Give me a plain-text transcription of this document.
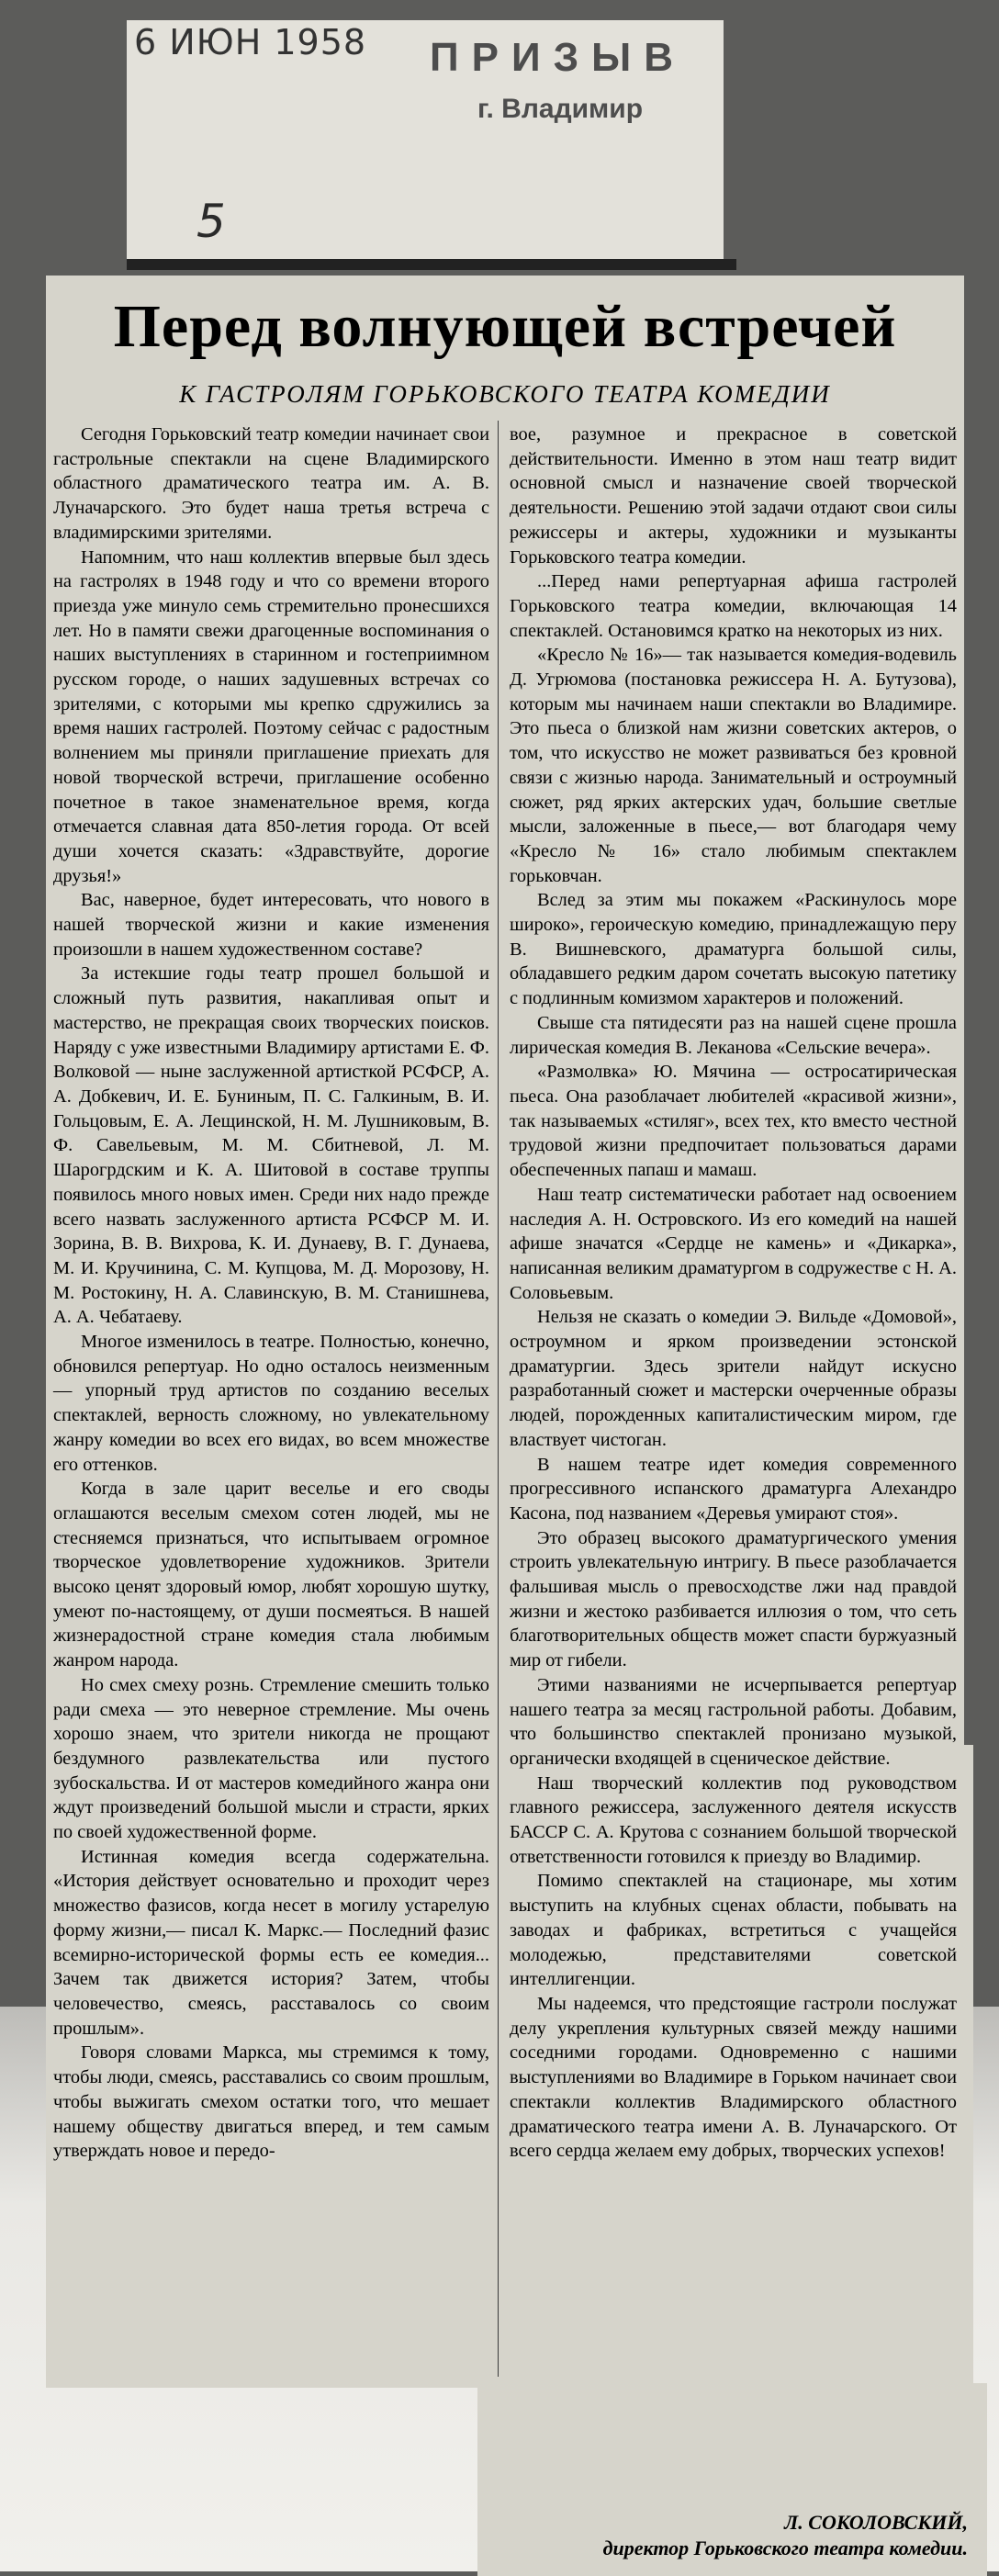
6 ИЮН 1958 ПРИЗЫВ
г. Владимир
5
Перед волнующей встречей
К ГАСТРОЛЯМ ГОРЬКОВСКОГО ТЕАТРА КОМЕДИИ

Сегодня Горьковский театр комедии начинает свои гастрольные спектакли на сцене Владимирского областного драматического театра им. А. В. Луначарского. Это будет наша третья встреча с владимирскими зрителями.

Напомним, что наш коллектив впервые был здесь на гастролях в 1948 году и что со времени второго приезда уже минуло семь стремительно пронесшихся лет. Но в памяти свежи драгоценные воспоминания о наших выступлениях в старинном и гостеприимном русском городе, о наших задушевных встречах со зрителями, с которыми мы крепко сдружились за время наших гастролей. Поэтому сейчас с радостным волнением мы приняли приглашение приехать для новой творческой встречи, приглашение особенно почетное в такое знаменательное время, когда отмечается славная дата 850-летия города. От всей души хочется сказать: «Здравствуйте, дорогие друзья!»

Вас, наверное, будет интересовать, что нового в нашей творческой жизни и какие изменения произошли в нашем художественном составе?

За истекшие годы театр прошел большой и сложный путь развития, накапливая опыт и мастерство, не прекращая своих творческих поисков. Наряду с уже известными Владимиру артистами Е. Ф. Волковой — ныне заслуженной артисткой РСФСР, А. А. Добкевич, И. Е. Буниным, П. С. Галкиным, В. И. Гольцовым, Е. А. Лещинской, Н. М. Лушниковым, В. Ф. Савельевым, М. М. Сбитневой, Л. М. Шарогрдским и К. А. Шитовой в составе труппы появилось много новых имен. Среди них надо прежде всего назвать заслуженного артиста РСФСР М. И. Зорина, В. В. Вихрова, К. И. Дунаеву, В. Г. Дунаева, М. И. Кручинина, С. М. Купцова, М. Д. Морозову, Н. М. Ростокину, Н. А. Славинскую, В. М. Станишнева, А. А. Чебатаеву.

Многое изменилось в театре. Полностью, конечно, обновился репертуар. Но одно осталось неизменным — упорный труд артистов по созданию веселых спектаклей, верность сложному, но увлекательному жанру комедии во всех его видах, во всем множестве его оттенков.

Когда в зале царит веселье и его своды оглашаются веселым смехом сотен людей, мы не стесняемся признаться, что испытываем огромное творческое удовлетворение художников. Зрители высоко ценят здоровый юмор, любят хорошую шутку, умеют по-настоящему, от души посмеяться. В нашей жизнерадостной стране комедия стала любимым жанром народа.

Но смех смеху рознь. Стремление смешить только ради смеха — это неверное стремление. Мы очень хорошо знаем, что зрители никогда не прощают бездумного развлекательства или пустого зубоскальства. И от мастеров комедийного жанра они ждут произведений большой мысли и страсти, ярких по своей художественной форме.

Истинная комедия всегда содержательна. «История действует основательно и проходит через множество фазисов, когда несет в могилу устарелую форму жизни,— писал К. Маркс.— Последний фазис всемирно-исторической формы есть ее комедия... Зачем так движется история? Затем, чтобы человечество, смеясь, расставалось со своим прошлым».

Говоря словами Маркса, мы стремимся к тому, чтобы люди, смеясь, расставались со своим прошлым, чтобы выжигать смехом остатки того, что мешает нашему обществу двигаться вперед, и тем самым утверждать новое и передо-

вое, разумное и прекрасное в советской действительности. Именно в этом наш театр видит основной смысл и назначение своей творческой деятельности. Решению этой задачи отдают свои силы режиссеры и актеры, художники и музыканты Горьковского театра комедии.

...Перед нами репертуарная афиша гастролей Горьковского театра комедии, включающая 14 спектаклей. Остановимся кратко на некоторых из них.

«Кресло № 16»— так называется комедия-водевиль Д. Угрюмова (постановка режиссера Н. А. Бутузова), которым мы начинаем наши спектакли во Владимире. Это пьеса о близкой нам жизни советских актеров, о том, что искусство не может развиваться без кровной связи с жизнью народа. Занимательный и остроумный сюжет, ряд ярких актерских удач, большие светлые мысли, заложенные в пьесе,— вот благодаря чему «Кресло № 16» стало любимым спектаклем горьковчан.

Вслед за этим мы покажем «Раскинулось море широко», героическую комедию, принадлежащую перу В. Вишневского, драматурга большой силы, обладавшего редким даром сочетать высокую патетику с подлинным комизмом характеров и положений.

Свыше ста пятидесяти раз на нашей сцене прошла лирическая комедия В. Леканова «Сельские вечера».

«Размолвка» Ю. Мячина — остросатирическая пьеса. Она разоблачает любителей «красивой жизни», так называемых «стиляг», всех тех, кто вместо честной трудовой жизни предпочитает пользоваться дарами обеспеченных папаш и мамаш.

Наш театр систематически работает над освоением наследия А. Н. Островского. Из его комедий на нашей афише значатся «Сердце не камень» и «Дикарка», написанная великим драматургом в содружестве с Н. А. Соловьевым.

Нельзя не сказать о комедии Э. Вильде «Домовой», остроумном и ярком произведении эстонской драматургии. Здесь зрители найдут искусно разработанный сюжет и мастерски очерченные образы людей, порожденных капиталистическим миром, где властвует чистоган.

В нашем театре идет комедия современного прогрессивного испанского драматурга Алехандро Касона, под названием «Деревья умирают стоя».

Это образец высокого драматургического умения строить увлекательную интригу. В пьесе разоблачается фальшивая мысль о превосходстве лжи над правдой жизни и жестоко разбивается иллюзия о том, что сеть благотворительных обществ может спасти буржуазный мир от гибели.

Этими названиями не исчерпывается репертуар нашего театра за месяц гастрольной работы. Добавим, что большинство спектаклей пронизано музыкой, органически входящей в сценическое действие.

Наш творческий коллектив под руководством главного режиссера, заслуженного деятеля искусств БАССР С. А. Крутова с сознанием большой творческой ответственности готовился к приезду во Владимир.

Помимо спектаклей на стационаре, мы хотим выступить на клубных сценах области, побывать на заводах и фабриках, встретиться с учащейся молодежью, представителями советской интеллигенции.

Мы надеемся, что предстоящие гастроли послужат делу укрепления культурных связей между нашими соседними городами. Одновременно с нашими выступлениями во Владимире в Горьком начинает свои спектакли коллектив Владимирского областного драматического театра имени А. В. Луначарского. От всего сердца желаем ему добрых, творческих успехов!

Л. СОКОЛОВСКИЙ,
директор Горьковского театра комедии.
